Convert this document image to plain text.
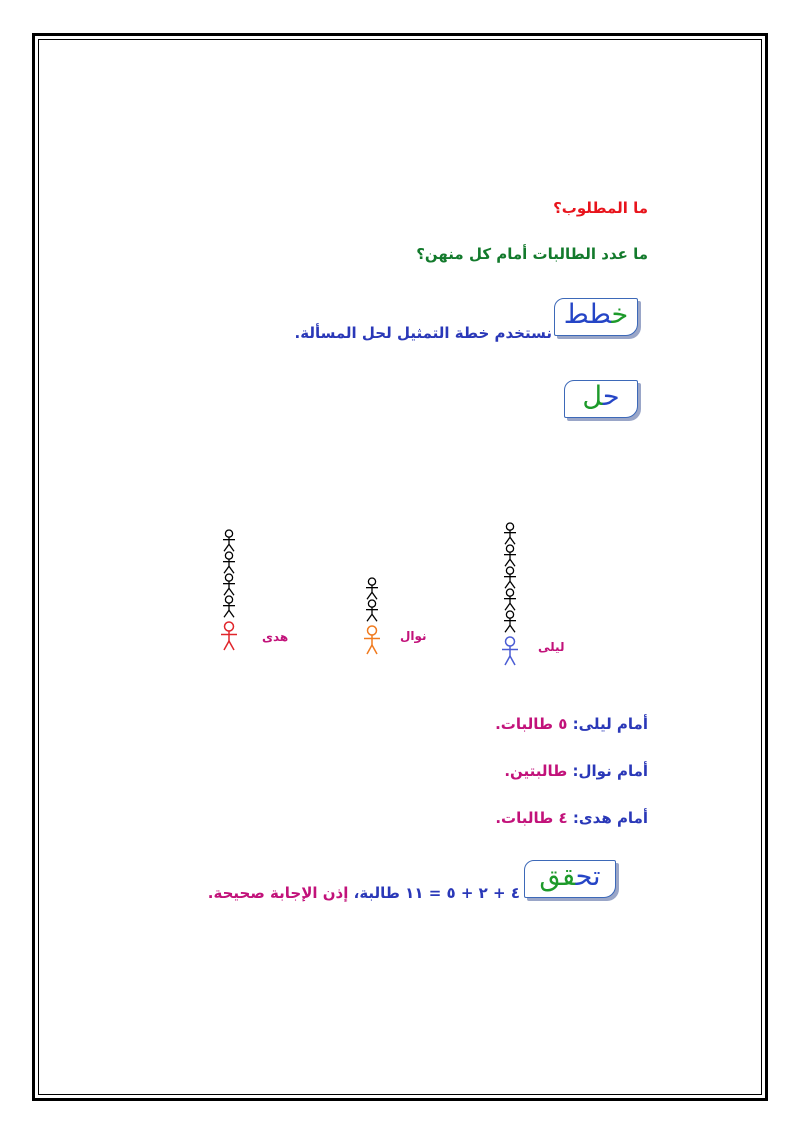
ما المطلوب؟
ما عدد الطالبات أمام كل منهن؟
خطط
نستخدم خطة التمثيل لحل المسألة.
حل
هدى	نوال
ليلى
أمام ليلى: ٥ طالبات.
أمام نوال: طالبتين.
أمام هدى: ٤ طالبات.
تحقق
٤ + ٢ + ٥ = ١١ طالبة، إذن الإجابة صحيحة.
